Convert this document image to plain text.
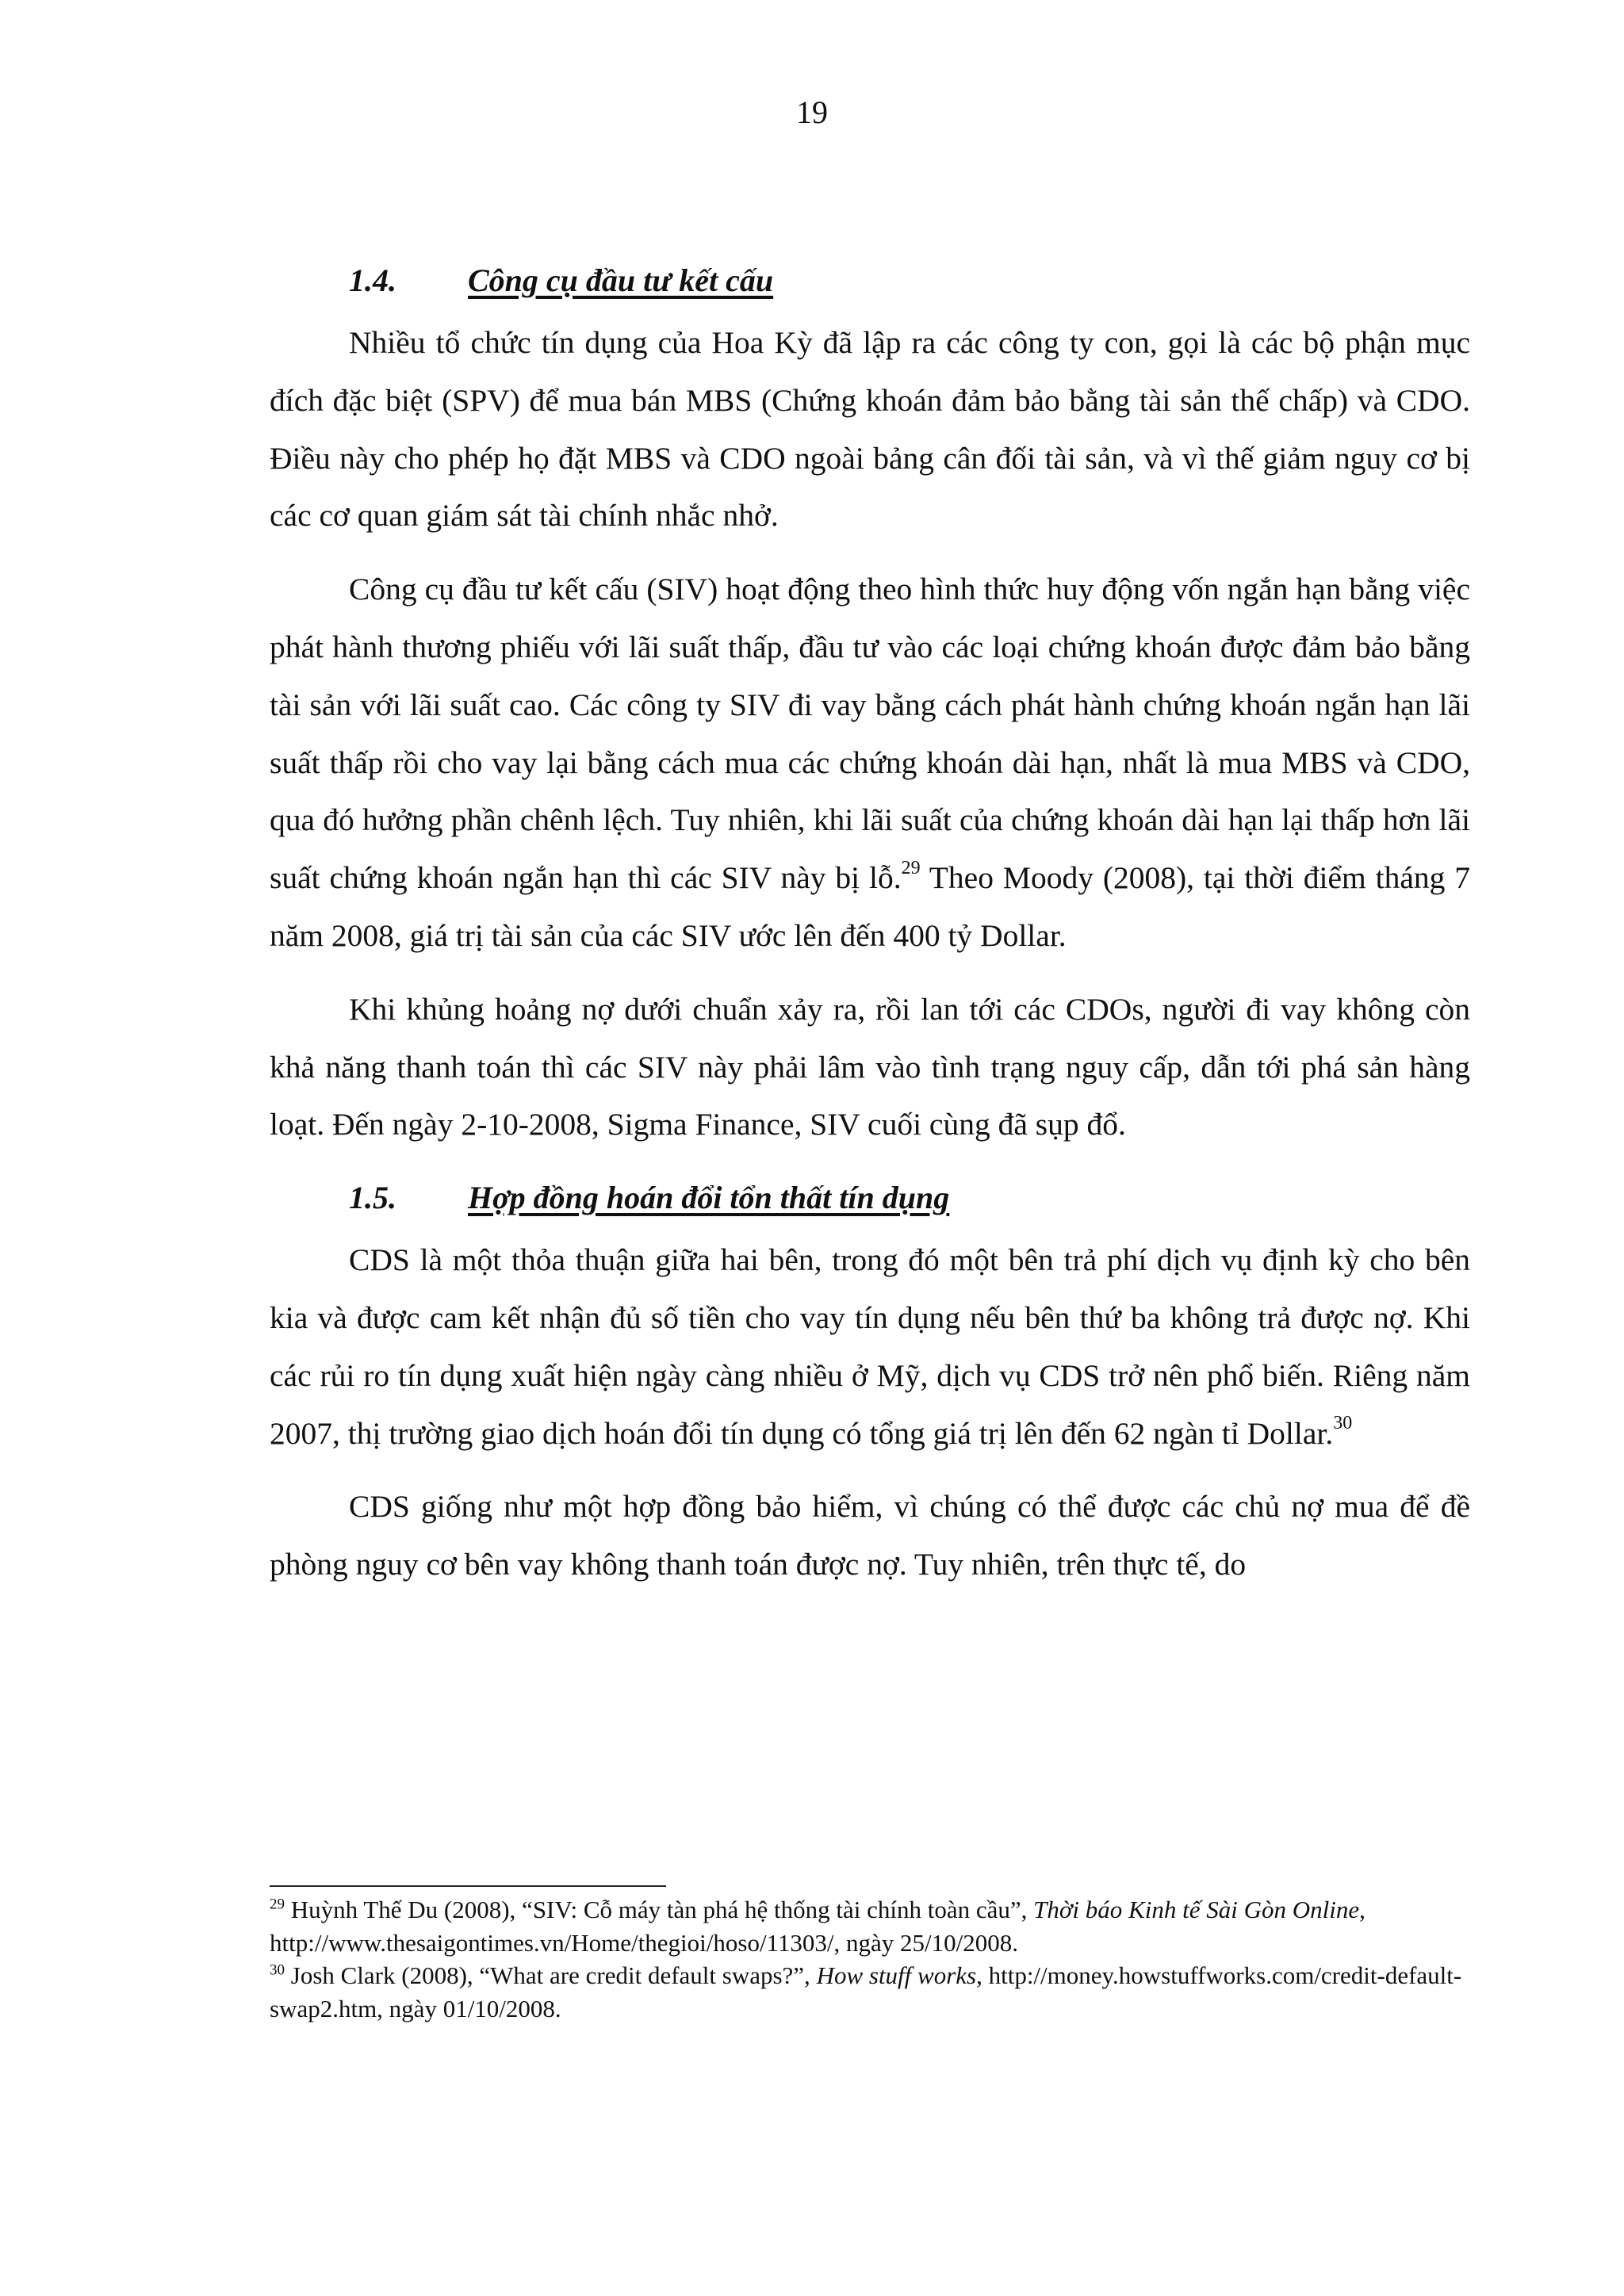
19
1.4.	Công cụ đầu tư kết cấu

Nhiều tổ chức tín dụng của Hoa Kỳ đã lập ra các công ty con, gọi là các bộ phận mục đích đặc biệt (SPV) để mua bán MBS (Chứng khoán đảm bảo bằng tài sản thế chấp) và CDO. Điều này cho phép họ đặt MBS và CDO ngoài bảng cân đối tài sản, và vì thế giảm nguy cơ bị các cơ quan giám sát tài chính nhắc nhở.

Công cụ đầu tư kết cấu (SIV) hoạt động theo hình thức huy động vốn ngắn hạn bằng việc phát hành thương phiếu với lãi suất thấp, đầu tư vào các loại chứng khoán được đảm bảo bằng tài sản với lãi suất cao. Các công ty SIV đi vay bằng cách phát hành chứng khoán ngắn hạn lãi suất thấp rồi cho vay lại bằng cách mua các chứng khoán dài hạn, nhất là mua MBS và CDO, qua đó hưởng phần chênh lệch. Tuy nhiên, khi lãi suất của chứng khoán dài hạn lại thấp hơn lãi suất chứng khoán ngắn hạn thì các SIV này bị lỗ.$^{29}$ Theo Moody (2008), tại thời điểm tháng 7 năm 2008, giá trị tài sản của các SIV ước lên đến 400 tỷ Dollar.

Khi khủng hoảng nợ dưới chuẩn xảy ra, rồi lan tới các CDOs, người đi vay không còn khả năng thanh toán thì các SIV này phải lâm vào tình trạng nguy cấp, dẫn tới phá sản hàng loạt. Đến ngày 2-10-2008, Sigma Finance, SIV cuối cùng đã sụp đổ.

1.5.	Hợp đồng hoán đổi tổn thất tín dụng

CDS là một thỏa thuận giữa hai bên, trong đó một bên trả phí dịch vụ định kỳ cho bên kia và được cam kết nhận đủ số tiền cho vay tín dụng nếu bên thứ ba không trả được nợ. Khi các rủi ro tín dụng xuất hiện ngày càng nhiều ở Mỹ, dịch vụ CDS trở nên phổ biến. Riêng năm 2007, thị trường giao dịch hoán đổi tín dụng có tổng giá trị lên đến 62 ngàn tỉ Dollar.$^{30}$

CDS giống như một hợp đồng bảo hiểm, vì chúng có thể được các chủ nợ mua để đề phòng nguy cơ bên vay không thanh toán được nợ. Tuy nhiên, trên thực tế, do

$^{29}$ Huỳnh Thế Du (2008), “SIV: Cỗ máy tàn phá hệ thống tài chính toàn cầu”, Thời báo Kinh tế Sài Gòn Online, http://www.thesaigontimes.vn/Home/thegioi/hoso/11303/, ngày 25/10/2008.

$^{30}$ Josh Clark (2008), “What are credit default swaps?”, How stuff works, http://money.howstuffworks.com/credit-default-swap2.htm, ngày 01/10/2008.
